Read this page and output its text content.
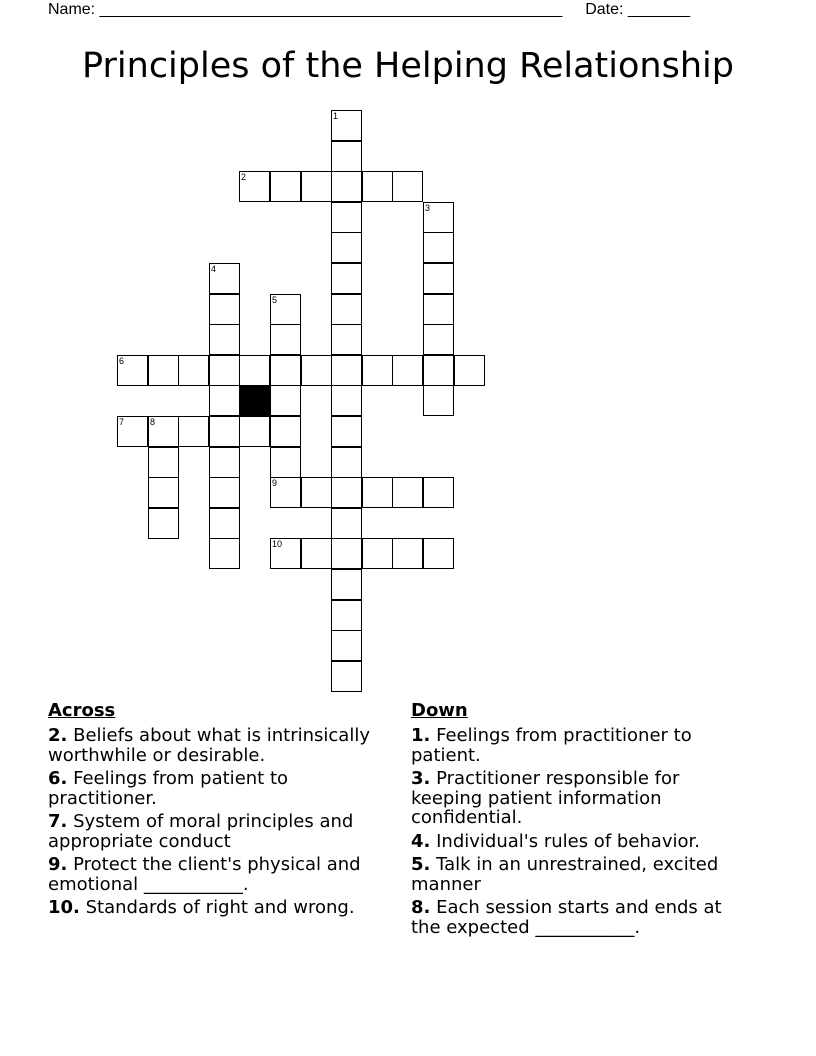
Name: ____________________________________________________ Date: _______
Principles of the Helping Relationship
2
6
7	8
9
10
1
3
4
5
Across
2. Beliefs about what is intrinsically worthwhile or desirable.
6. Feelings from patient to practitioner.
7. System of moral principles and appropriate conduct
9. Protect the client's physical and emotional ___________.
10. Standards of right and wrong.
Down
1. Feelings from practitioner to patient.
3. Practitioner responsible for keeping patient information confidential.
4. Individual's rules of behavior.
5. Talk in an unrestrained, excited manner
8. Each session starts and ends at the expected ___________.
